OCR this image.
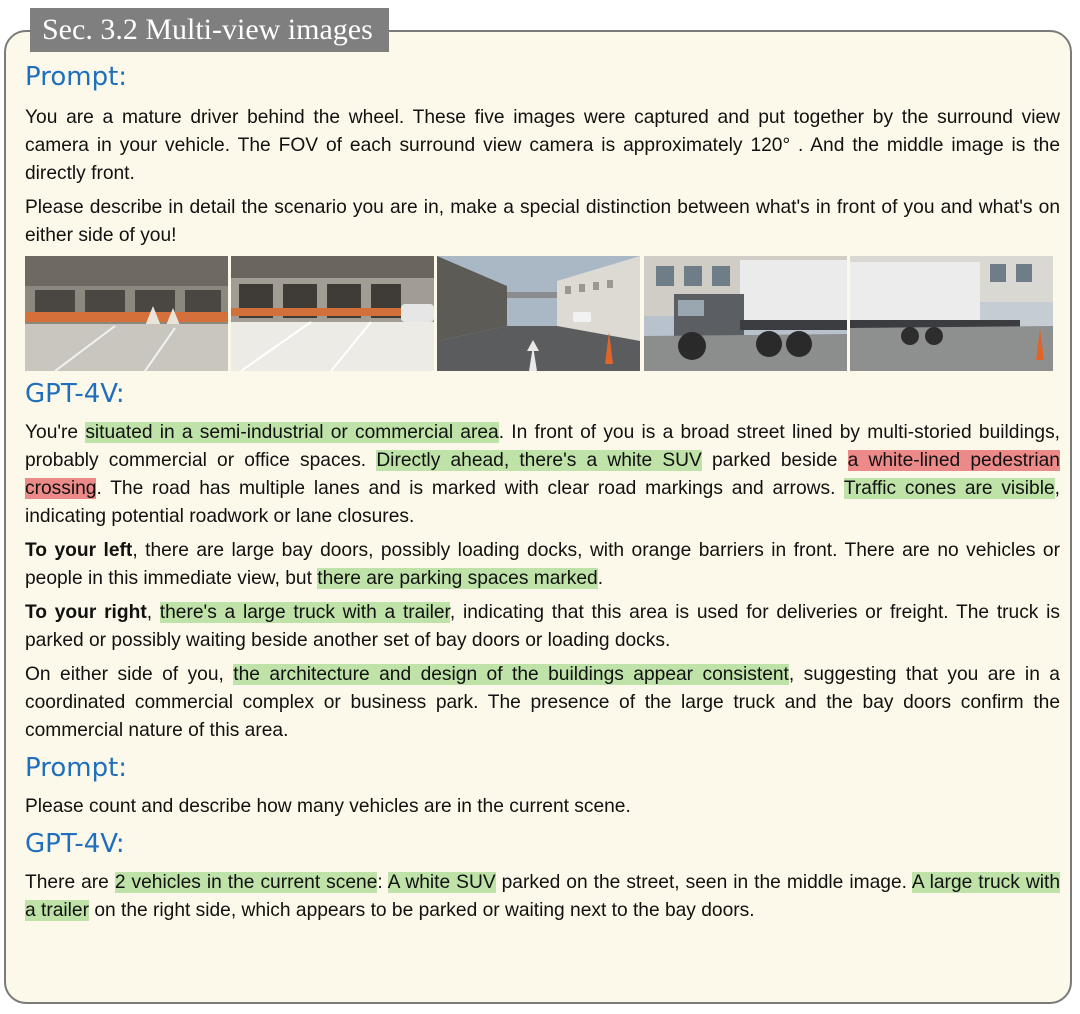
Sec. 3.2 Multi-view images
Prompt:

You are a mature driver behind the wheel. These five images were captured and put together by the surround view camera in your vehicle. The FOV of each surround view camera is approximately 120° . And the middle image is the directly front.

Please describe in detail the scenario you are in, make a special distinction between what's in front of you and what's on either side of you!

GPT-4V:

You're situated in a semi-industrial or commercial area. In front of you is a broad street lined by multi-storied buildings, probably commercial or office spaces. Directly ahead, there's a white SUV parked beside a white-lined pedestrian crossing. The road has multiple lanes and is marked with clear road markings and arrows. Traffic cones are visible, indicating potential roadwork or lane closures.

To your left, there are large bay doors, possibly loading docks, with orange barriers in front. There are no vehicles or people in this immediate view, but there are parking spaces marked.

To your right, there's a large truck with a trailer, indicating that this area is used for deliveries or freight. The truck is parked or possibly waiting beside another set of bay doors or loading docks.

On either side of you, the architecture and design of the buildings appear consistent, suggesting that you are in a coordinated commercial complex or business park. The presence of the large truck and the bay doors confirm the commercial nature of this area.

Prompt:

Please count and describe how many vehicles are in the current scene.

GPT-4V:

There are 2 vehicles in the current scene: A white SUV parked on the street, seen in the middle image. A large truck with a trailer on the right side, which appears to be parked or waiting next to the bay doors.
